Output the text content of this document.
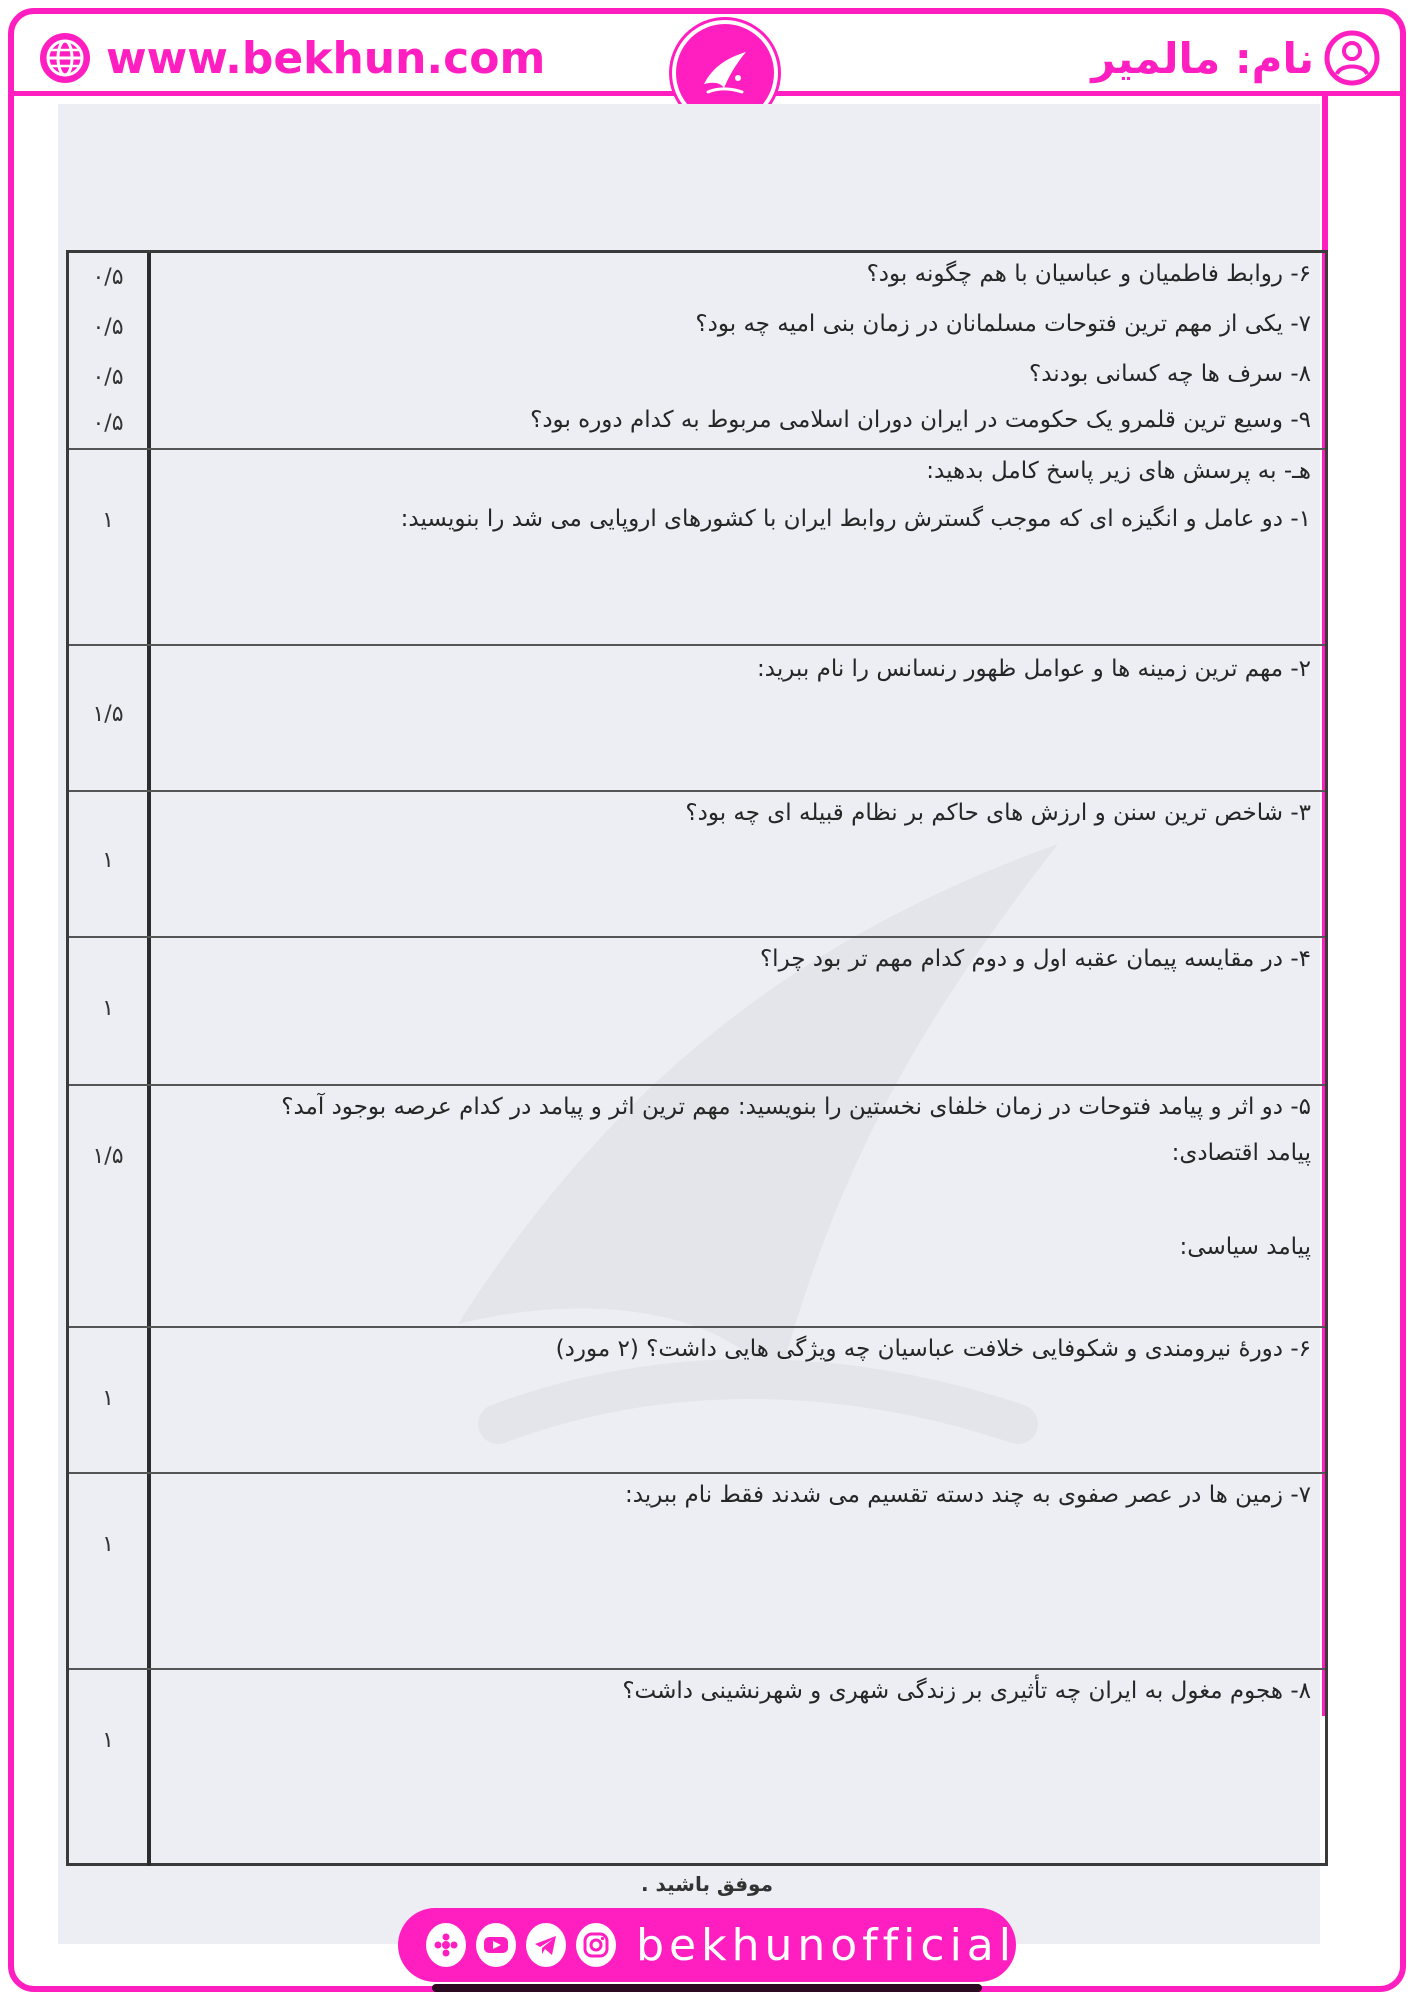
www.bekhun.com	نام: مالمیر
۰/۵
۰/۵
۰/۵
۰/۵
۶- روابط فاطمیان و عباسیان با هم چگونه بود؟
۷- یکی از مهم ترین فتوحات مسلمانان در زمان بنی امیه چه بود؟
۸- سرف ها چه کسانی بودند؟
۹- وسیع ترین قلمرو یک حکومت در ایران دوران اسلامی مربوط به کدام دوره بود؟
۱
هـ- به پرسش های زیر پاسخ کامل بدهید:
۱- دو عامل و انگیزه ای که موجب گسترش روابط ایران با کشورهای اروپایی می شد را بنویسید:
۱/۵
۲- مهم ترین زمینه ها و عوامل ظهور رنسانس را نام ببرید:
۱
۳- شاخص ترین سنن و ارزش های حاکم بر نظام قبیله ای چه بود؟
۱
۴- در مقایسه پیمان عقبه اول و دوم کدام مهم تر بود چرا؟
۱/۵
۵- دو اثر و پیامد فتوحات در زمان خلفای نخستین را بنویسید: مهم ترین اثر و پیامد در کدام عرصه بوجود آمد؟
پیامد اقتصادی:
پیامد سیاسی:
۱
۶- دورۀ نیرومندی و شکوفایی خلافت عباسیان چه ویژگی هایی داشت؟ (۲ مورد)
۱
۷- زمین ها در عصر صفوی به چند دسته تقسیم می شدند فقط نام ببرید:
۱
۸- هجوم مغول به ایران چه تأثیری بر زندگی شهری و شهرنشینی داشت؟
موفق باشید .
bekhunofficial
